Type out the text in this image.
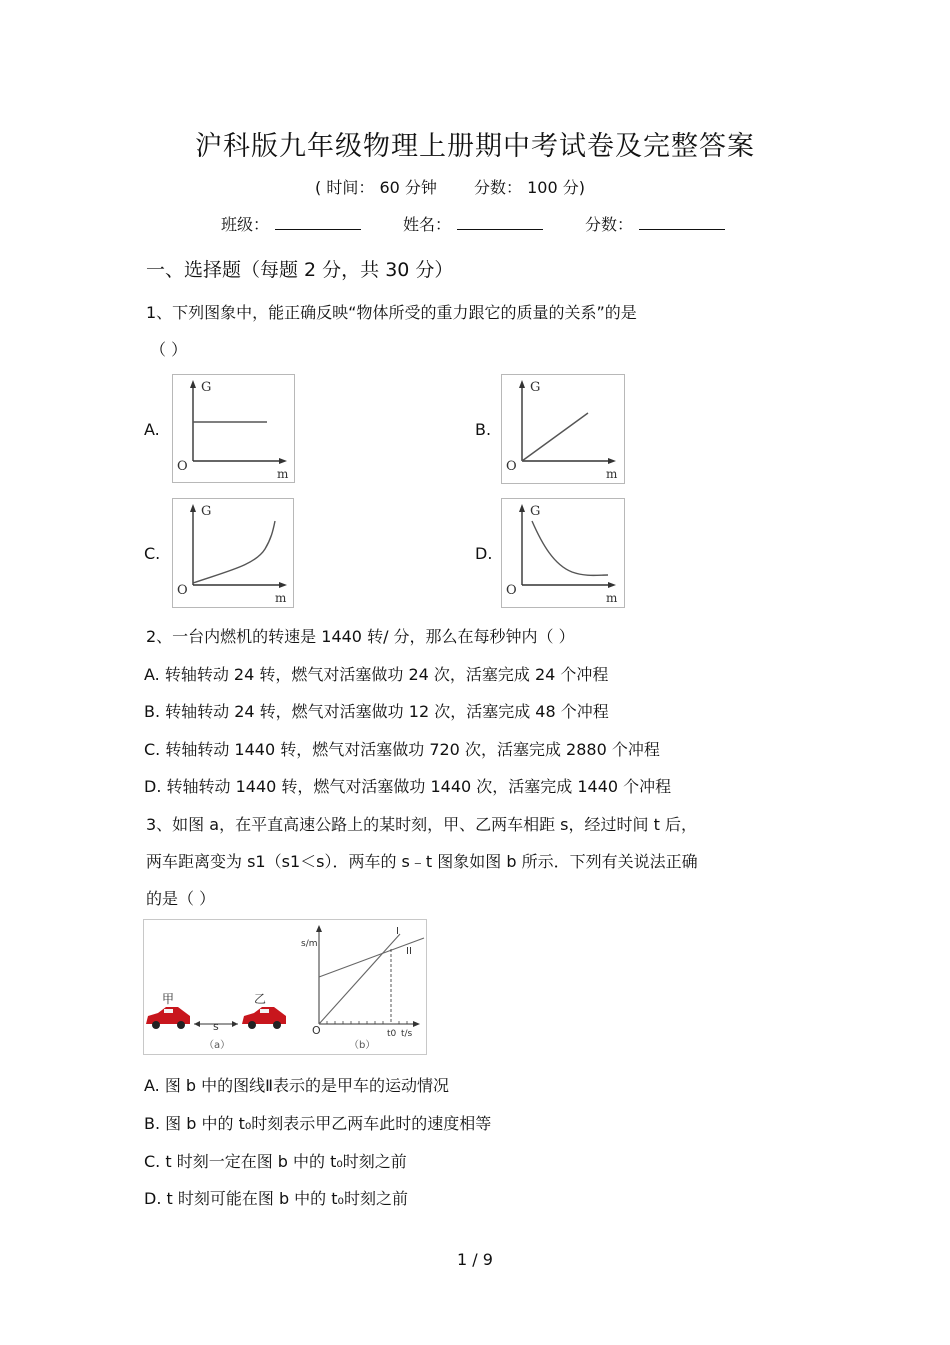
沪科版九年级物理上册期中考试卷及完整答案
( 时间： 60 分钟 分数： 100 分)
班级：	姓名：	分数：
一、选择题（每题 2 分，共 30 分）
1、下列图象中，能正确反映“物体所受的重力跟它的质量的关系”的是
（ ）
A.
G
O	m
B.
G
O	m
C.
G
O	m
D.
G
O	m
2、一台内燃机的转速是 1440 转/ 分，那么在每秒钟内（ ）
A. 转轴转动 24 转，燃气对活塞做功 24 次，活塞完成 24 个冲程
B. 转轴转动 24 转，燃气对活塞做功 12 次，活塞完成 48 个冲程
C. 转轴转动 1440 转，燃气对活塞做功 720 次，活塞完成 2880 个冲程
D. 转轴转动 1440 转，燃气对活塞做功 1440 次，活塞完成 1440 个冲程
3、如图 a，在平直高速公路上的某时刻，甲、乙两车相距 s，经过时间 t 后，
两车距离变为 s1（s1＜s）．两车的 s﹣t 图象如图 b 所示．下列有关说法正确
的是（ ）
甲	乙
s
（a）
s/m
O	t0 t/s
I
II
（b）
A. 图 b 中的图线Ⅱ表示的是甲车的运动情况
B. 图 b 中的 t₀时刻表示甲乙两车此时的速度相等
C. t 时刻一定在图 b 中的 t₀时刻之前
D. t 时刻可能在图 b 中的 t₀时刻之前
1 / 9
